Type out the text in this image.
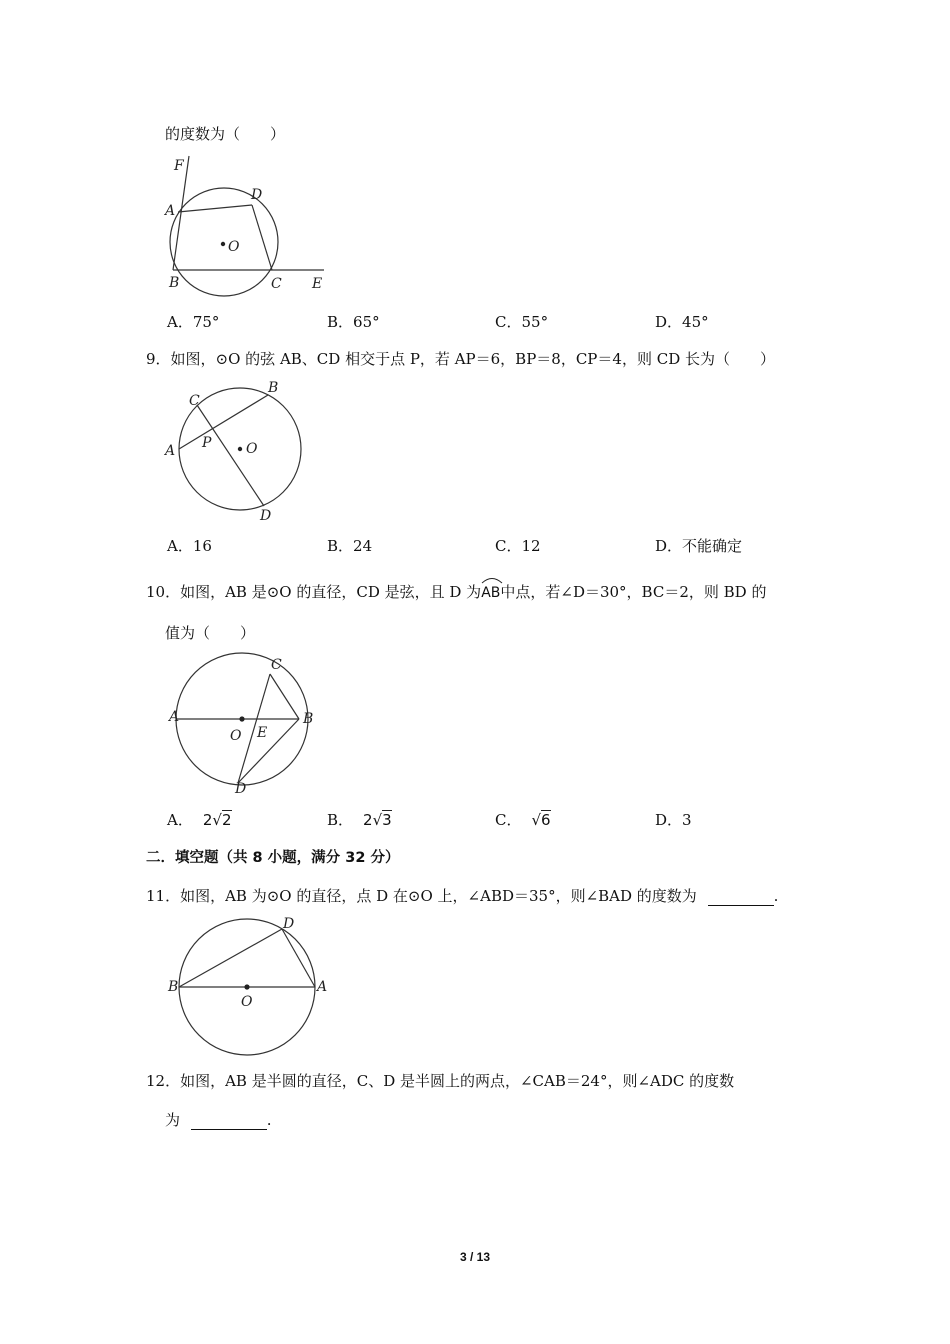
的度数为（　　）
F
A
D
O
B	C E
A．75°	B．65°	C．55°	D．45°
9．如图，⊙O 的弦 AB、CD 相交于点 P，若 AP＝6，BP＝8，CP＝4，则 CD 长为（　　）
C
B
A P O
D
A．16	B．24	C．12	D．不能确定
10．如图，AB 是⊙O 的直径，CD 是弦，且 D 为
AB中点，若∠D＝30°，BC＝2，则 BD 的
值为（　　）
C
A	B
O E
D
A． 2√2	B． 2√3	C． √6	D．3
二．填空题（共 8 小题，满分 32 分）
11．如图，AB 为⊙O 的直径，点 D 在⊙O 上，∠ABD＝35°，则∠BAD 的度数为	.
D
B	A
O
12．如图，AB 是半圆的直径，C、D 是半圆上的两点，∠CAB＝24°，则∠ADC 的度数
为	.
3 / 13
